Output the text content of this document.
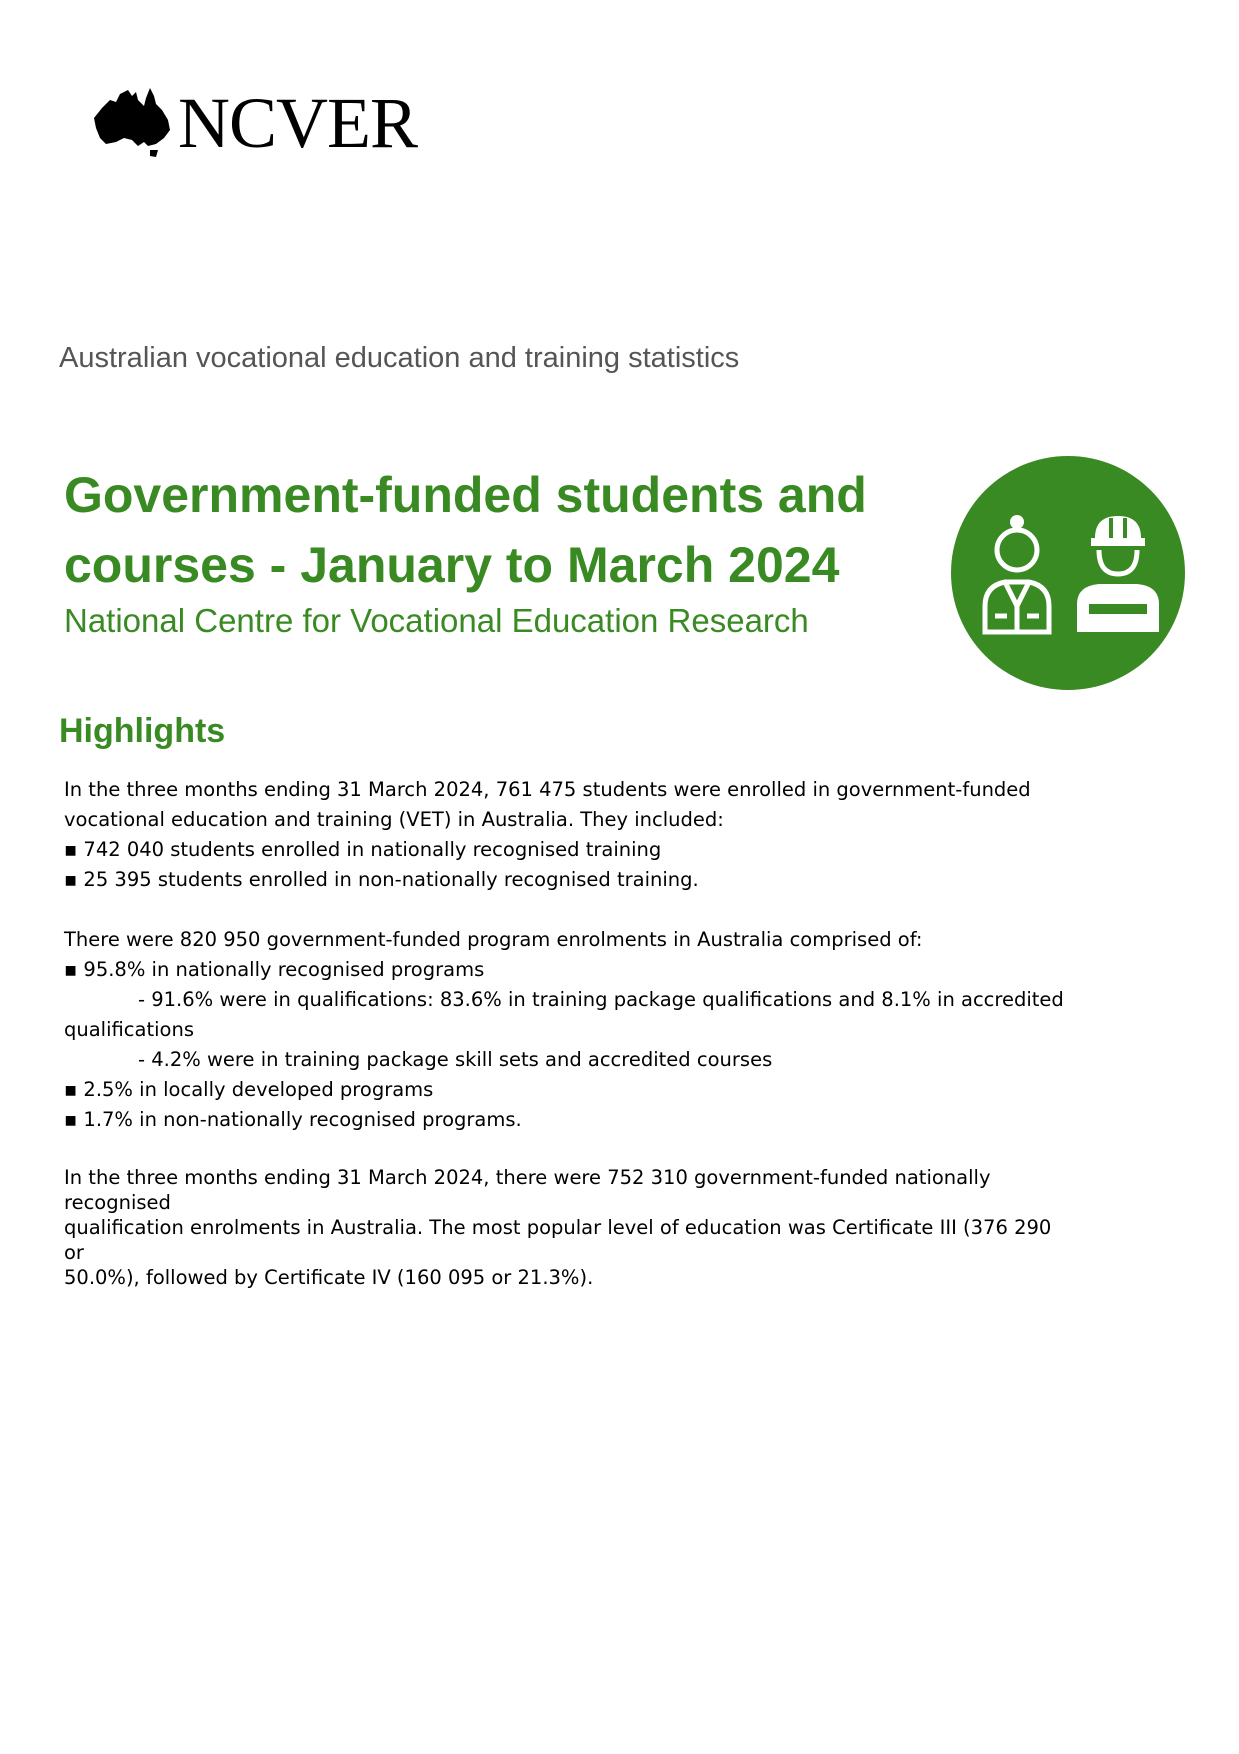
NCVER
Australian vocational education and training statistics
Government-funded students and courses - January to March 2024
National Centre for Vocational Education Research
Highlights

In the three months ending 31 March 2024, 761 475 students were enrolled in government-funded

vocational education and training (VET) in Australia. They included:

▪ 742 040 students enrolled in nationally recognised training

▪ 25 395 students enrolled in non-nationally recognised training.

There were 820 950 government-funded program enrolments in Australia comprised of:

▪ 95.8% in nationally recognised programs

- 91.6% were in qualifications: 83.6% in training package qualifications and 8.1% in accredited

qualifications

- 4.2% were in training package skill sets and accredited courses

▪ 2.5% in locally developed programs

▪ 1.7% in non-nationally recognised programs.

In the three months ending 31 March 2024, there were 752 310 government-funded nationally recognised

qualification enrolments in Australia. The most popular level of education was Certificate III (376 290 or

50.0%), followed by Certificate IV (160 095 or 21.3%).
